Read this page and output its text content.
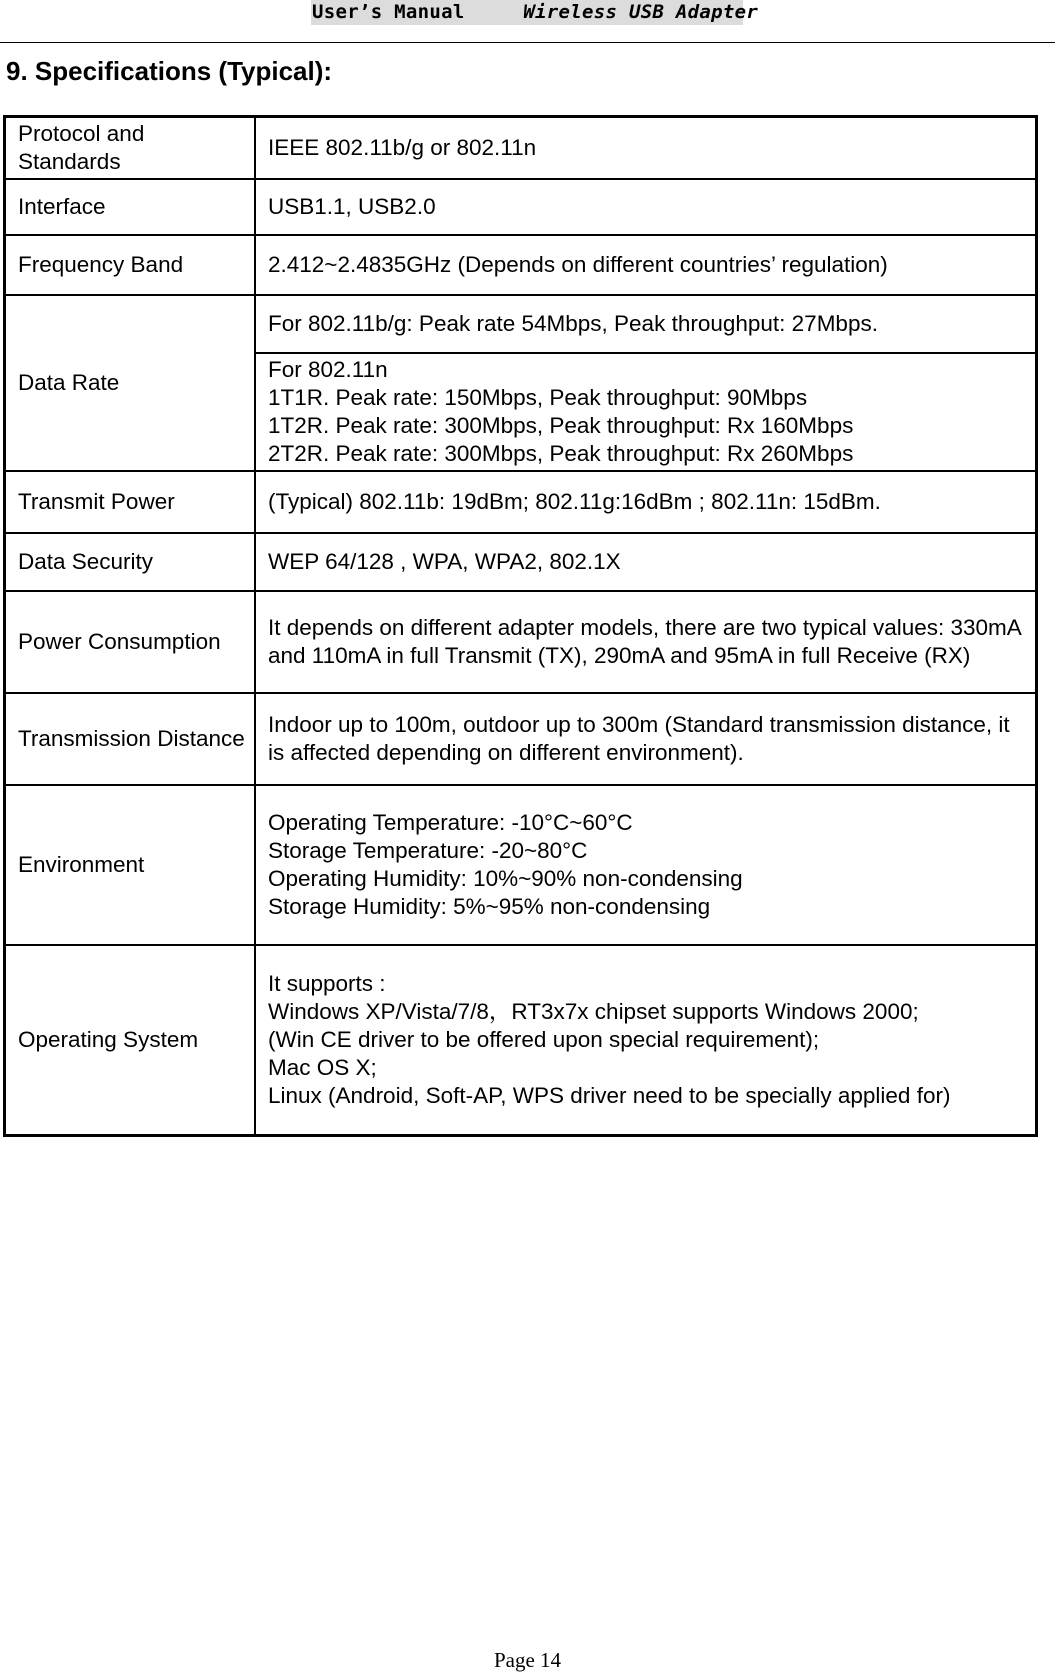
User’s Manual	Wireless USB Adapter
9. Specifications (Typical):
Protocol and Standards	IEEE 802.11b/g or 802.11n
Interface	USB1.1, USB2.0
Frequency Band	2.412~2.4835GHz (Depends on different countries’ regulation)
Data Rate	For 802.11b/g: Peak rate 54Mbps, Peak throughput: 27Mbps.

	For 802.11n
1T1R. Peak rate: 150Mbps, Peak throughput: 90Mbps
1T2R. Peak rate: 300Mbps, Peak throughput: Rx 160Mbps
2T2R. Peak rate: 300Mbps, Peak throughput: Rx 260Mbps

Transmit Power	(Typical) 802.11b: 19dBm; 802.11g:16dBm ; 802.11n: 15dBm.
Data Security	WEP 64/128 , WPA, WPA2, 802.1X
Power Consumption	It depends on different adapter models, there are two typical values: 330mA and 110mA in full Transmit (TX), 290mA and 95mA in full Receive (RX)
Transmission Distance	Indoor up to 100m, outdoor up to 300m (Standard transmission distance, it is affected depending on different environment).
Environment	Operating Temperature: -10°C~60°C
Storage Temperature: -20~80°C
Operating Humidity: 10%~90% non-condensing
Storage Humidity: 5%~95% non-condensing

Operating System	It supports :
Windows XP/Vista/7/8，RT3x7x chipset supports Windows 2000;
(Win CE driver to be offered upon special requirement);
Mac OS X;
Linux (Android, Soft-AP, WPS driver need to be specially applied for)
Page 14
